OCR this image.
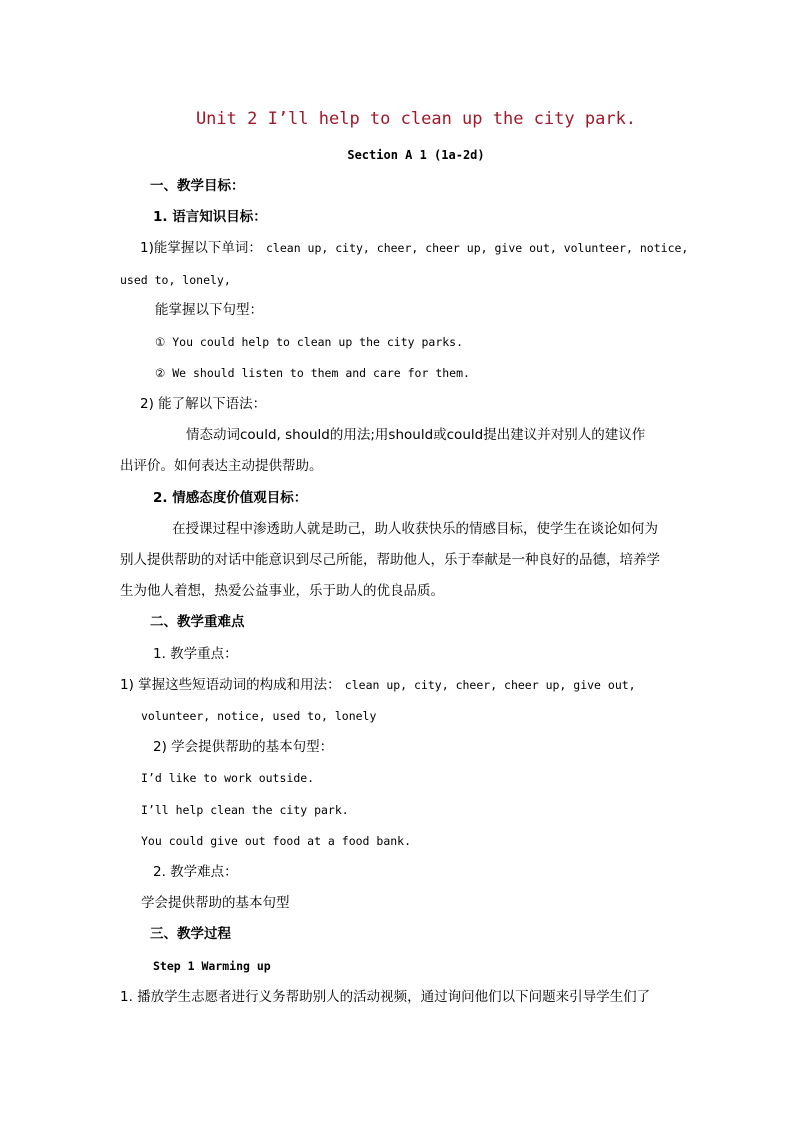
Unit 2 I’ll help to clean up the city park.
Section A 1 (1a-2d)
一、教学目标：
1. 语言知识目标：
1)能掌握以下单词： clean up, city, cheer, cheer up, give out, volunteer, notice,
used to, lonely,
能掌握以下句型：
① You could help to clean up the city parks.
② We should listen to them and care for them.
2) 能了解以下语法：
情态动词could, should的用法;用should或could提出建议并对别人的建议作
出评价。如何表达主动提供帮助。
2. 情感态度价值观目标：
在授课过程中渗透助人就是助己，助人收获快乐的情感目标，使学生在谈论如何为
别人提供帮助的对话中能意识到尽己所能，帮助他人，乐于奉献是一种良好的品德，培养学
生为他人着想，热爱公益事业，乐于助人的优良品质。
二、教学重难点
1. 教学重点：
1) 掌握这些短语动词的构成和用法： clean up, city, cheer, cheer up, give out,
volunteer, notice, used to, lonely
2) 学会提供帮助的基本句型：
I’d like to work outside.
I’ll help clean the city park.
You could give out food at a food bank.
2. 教学难点：
学会提供帮助的基本句型
三、教学过程
Step 1 Warming up
1. 播放学生志愿者进行义务帮助别人的活动视频，通过询问他们以下问题来引导学生们了
